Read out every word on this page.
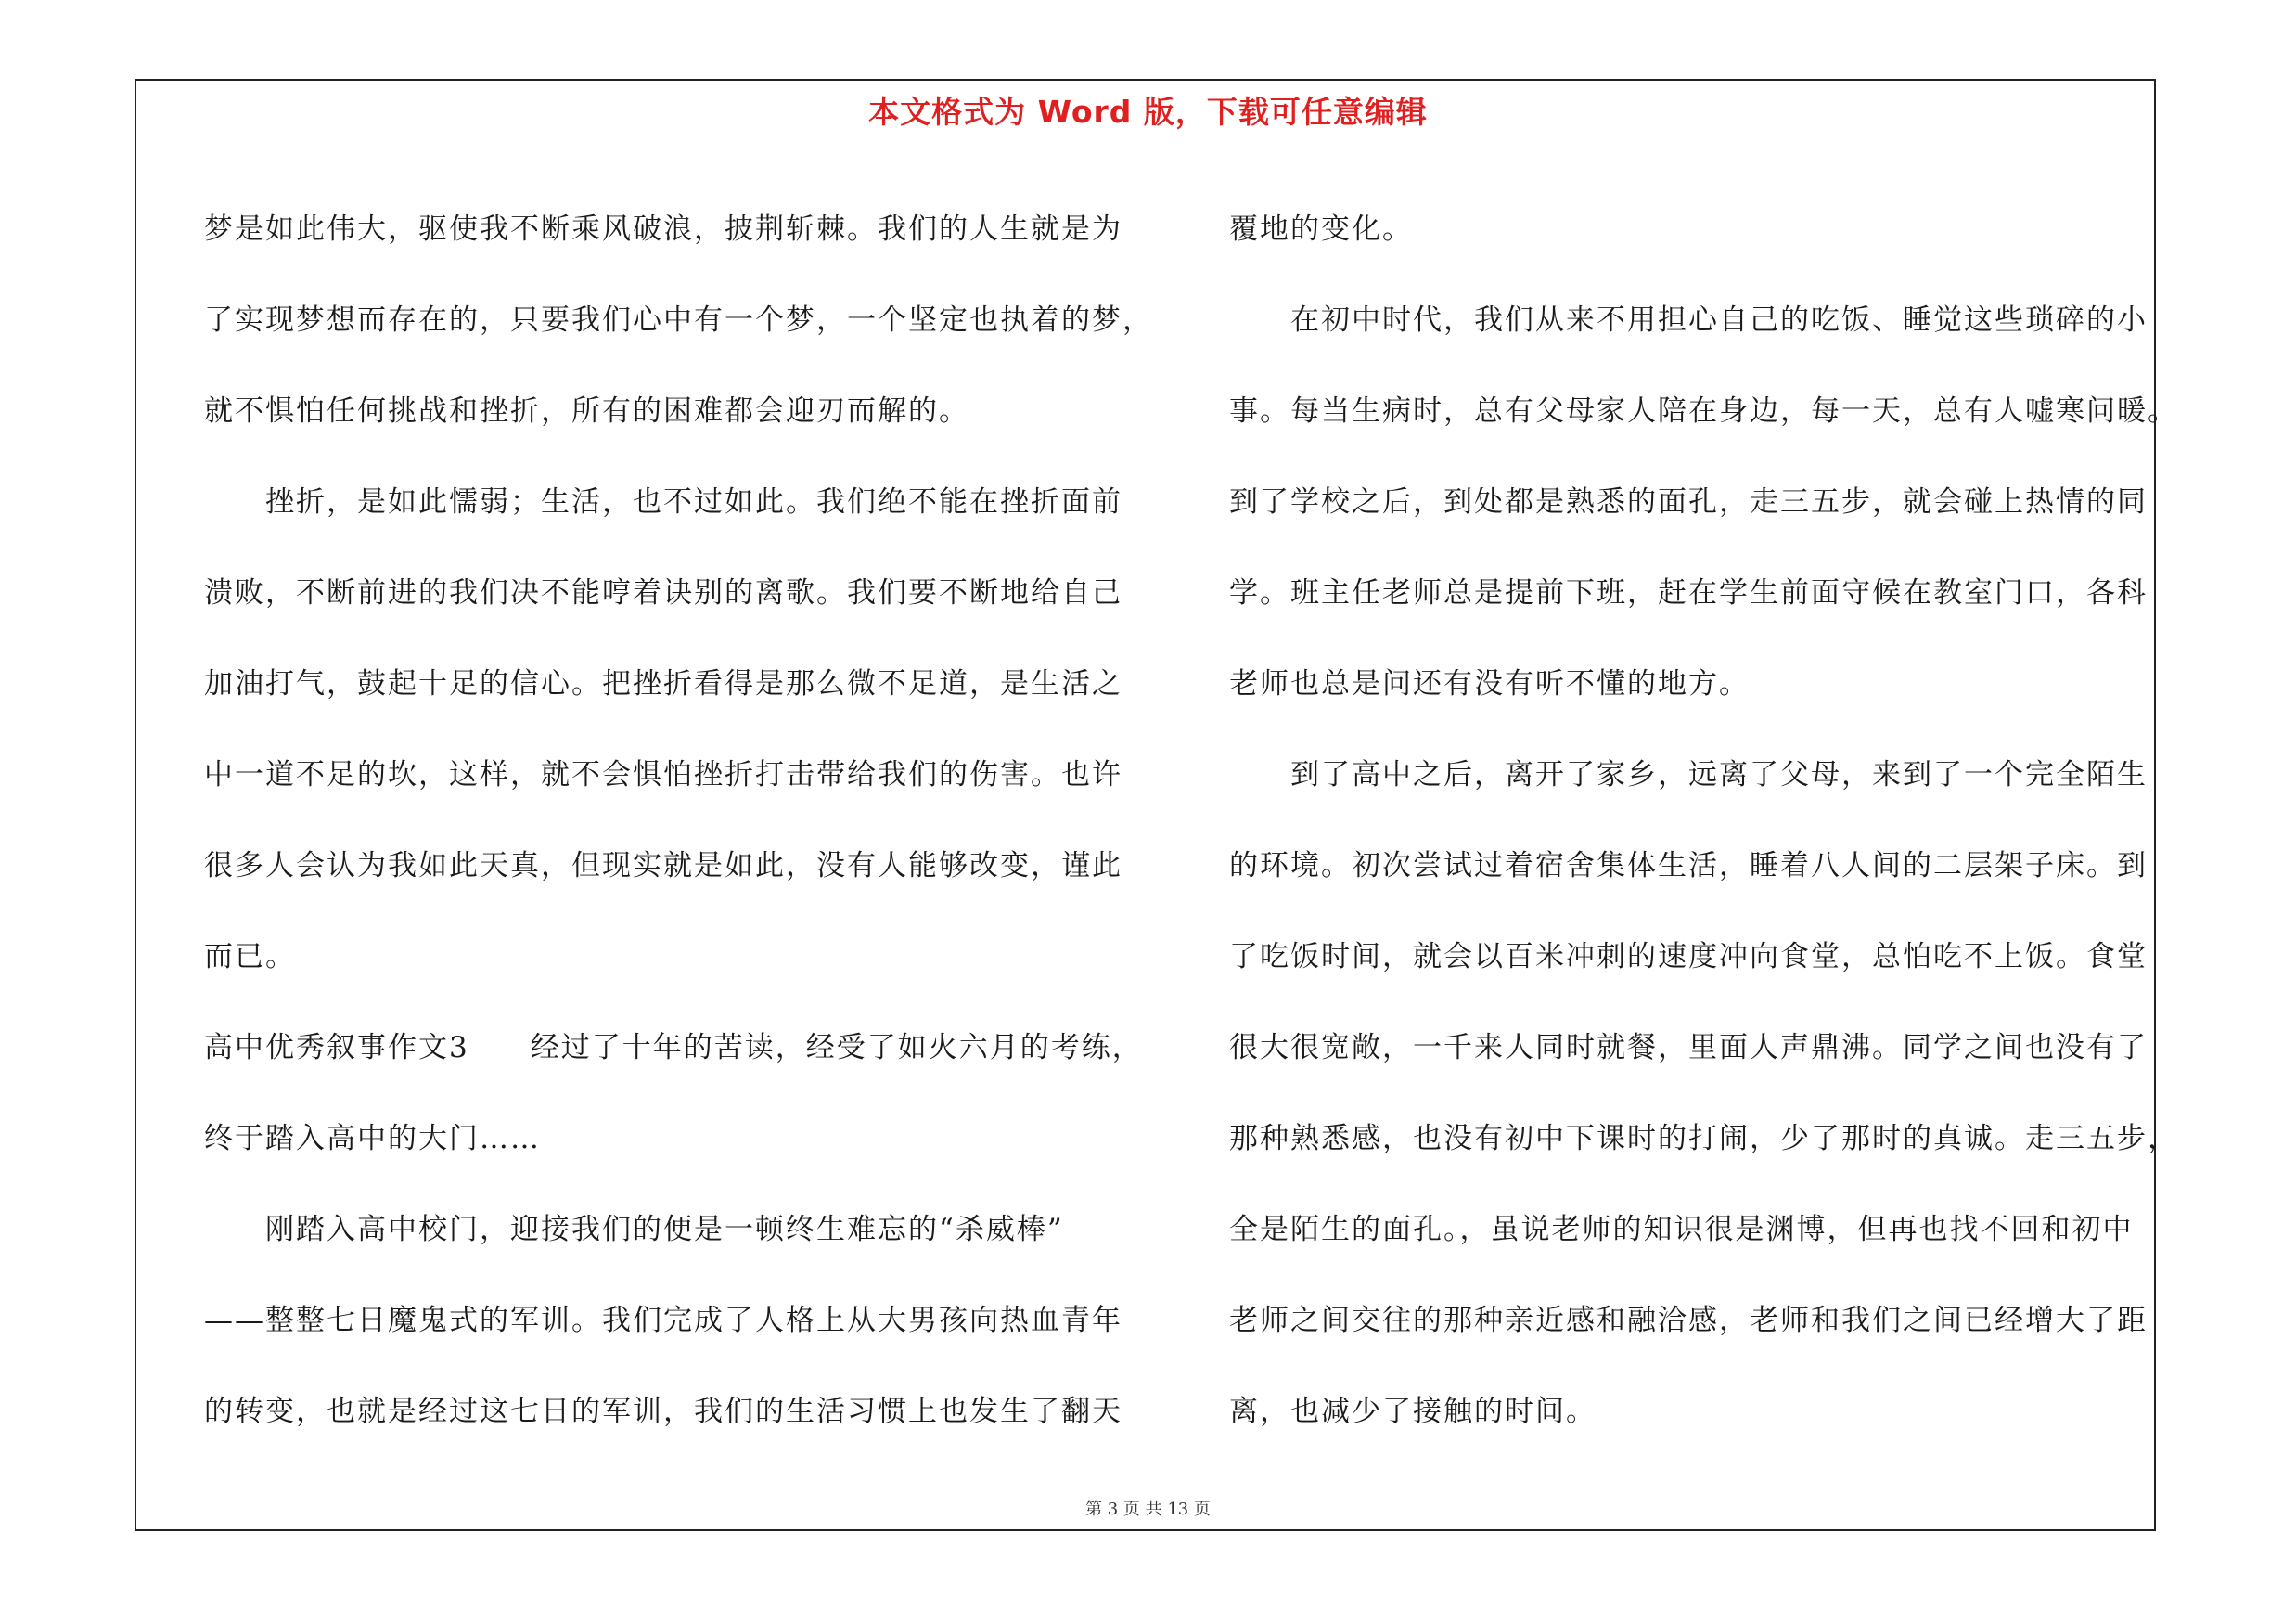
本文格式为 Word 版，下载可任意编辑
梦是如此伟大，驱使我不断乘风破浪，披荆斩棘。我们的人生就是为
了实现梦想而存在的，只要我们心中有一个梦，一个坚定也执着的梦，
就不惧怕任何挑战和挫折，所有的困难都会迎刃而解的。
　　挫折，是如此懦弱；生活，也不过如此。我们绝不能在挫折面前
溃败，不断前进的我们决不能哼着诀别的离歌。我们要不断地给自己
加油打气，鼓起十足的信心。把挫折看得是那么微不足道，是生活之
中一道不足的坎，这样，就不会惧怕挫折打击带给我们的伤害。也许
很多人会认为我如此天真，但现实就是如此，没有人能够改变，谨此
而已。
高中优秀叙事作文3　　经过了十年的苦读，经受了如火六月的考练，
终于踏入高中的大门……
　　刚踏入高中校门，迎接我们的便是一顿终生难忘的“杀威棒”
——整整七日魔鬼式的军训。我们完成了人格上从大男孩向热血青年
的转变，也就是经过这七日的军训，我们的生活习惯上也发生了翻天
覆地的变化。
　　在初中时代，我们从来不用担心自己的吃饭、睡觉这些琐碎的小
事。每当生病时，总有父母家人陪在身边，每一天，总有人嘘寒问暖。
到了学校之后，到处都是熟悉的面孔，走三五步，就会碰上热情的同
学。班主任老师总是提前下班，赶在学生前面守候在教室门口，各科
老师也总是问还有没有听不懂的地方。
　　到了高中之后，离开了家乡，远离了父母，来到了一个完全陌生
的环境。初次尝试过着宿舍集体生活，睡着八人间的二层架子床。到
了吃饭时间，就会以百米冲刺的速度冲向食堂，总怕吃不上饭。食堂
很大很宽敞，一千来人同时就餐，里面人声鼎沸。同学之间也没有了
那种熟悉感，也没有初中下课时的打闹，少了那时的真诚。走三五步，
全是陌生的面孔。，虽说老师的知识很是渊博，但再也找不回和初中
老师之间交往的那种亲近感和融洽感，老师和我们之间已经增大了距
离，也减少了接触的时间。
第 3 页 共 13 页
